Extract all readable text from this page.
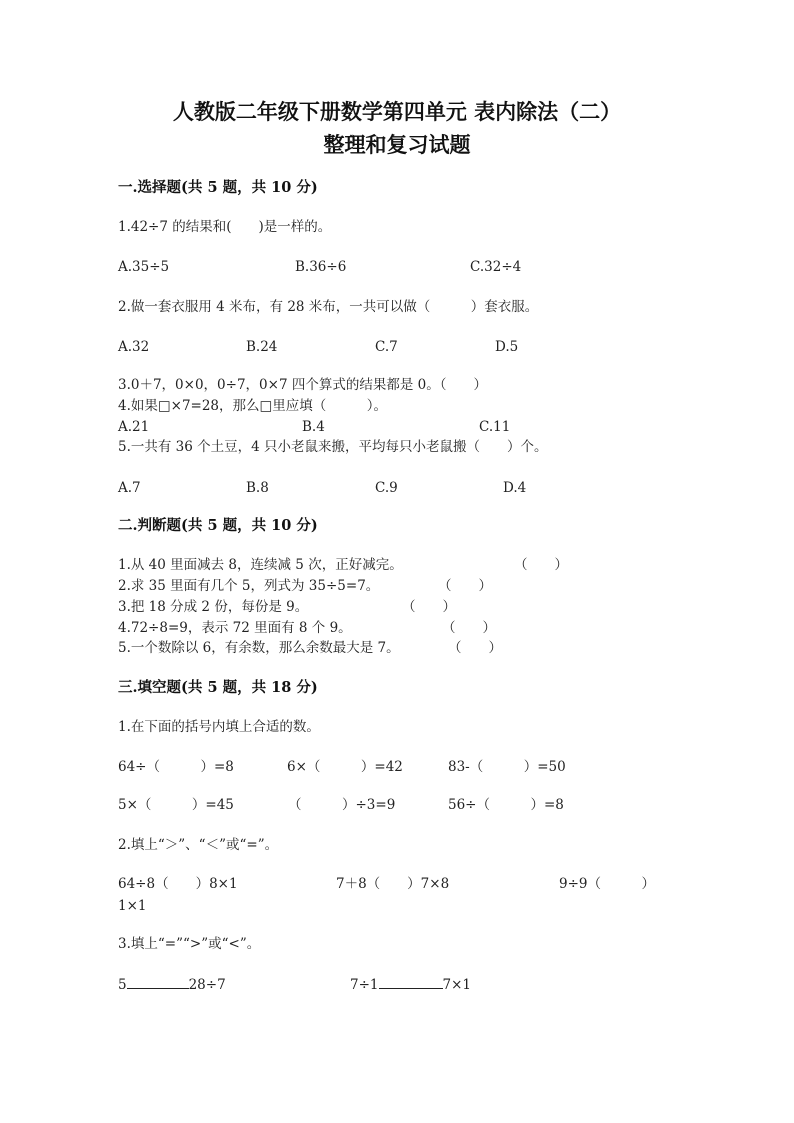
人教版二年级下册数学第四单元 表内除法（二）
整理和复习试题
一.选择题(共 5 题，共 10 分)
1.42÷7 的结果和(　　)是一样的。
A.35÷5	B.36÷6	C.32÷4
2.做一套衣服用 4 米布，有 28 米布，一共可以做（　　　）套衣服。
A.32	B.24	C.7	D.5
3.0＋7，0×0，0÷7，0×7 四个算式的结果都是 0。（　　）
4.如果□×7=28，那么□里应填（　　　）。
A.21	B.4	C.11
5.一共有 36 个土豆，4 只小老鼠来搬，平均每只小老鼠搬（　　）个。
A.7	B.8	C.9	D.4
二.判断题(共 5 题，共 10 分)
1.从 40 里面减去 8，连续减 5 次，正好减完。	（　　）
2.求 35 里面有几个 5，列式为 35÷5=7。	（　　）
3.把 18 分成 2 份，每份是 9。	（　　）
4.72÷8=9，表示 72 里面有 8 个 9。	（　　）
5.一个数除以 6，有余数，那么余数最大是 7。	（　　）
三.填空题(共 5 题，共 18 分)
1.在下面的括号内填上合适的数。
64÷（　　　）=8	6×（　　　）=42	83-（　　　）=50
5×（　　　）=45	（　　　）÷3=9	56÷（　　　）=8
2.填上“＞”、“＜”或“=”。
64÷8（　　）8×1	7＋8（　　）7×8	9÷9（　　　）
1×1
3.填上“=”“>”或“<”。
5	28÷7	7÷1	7×1
